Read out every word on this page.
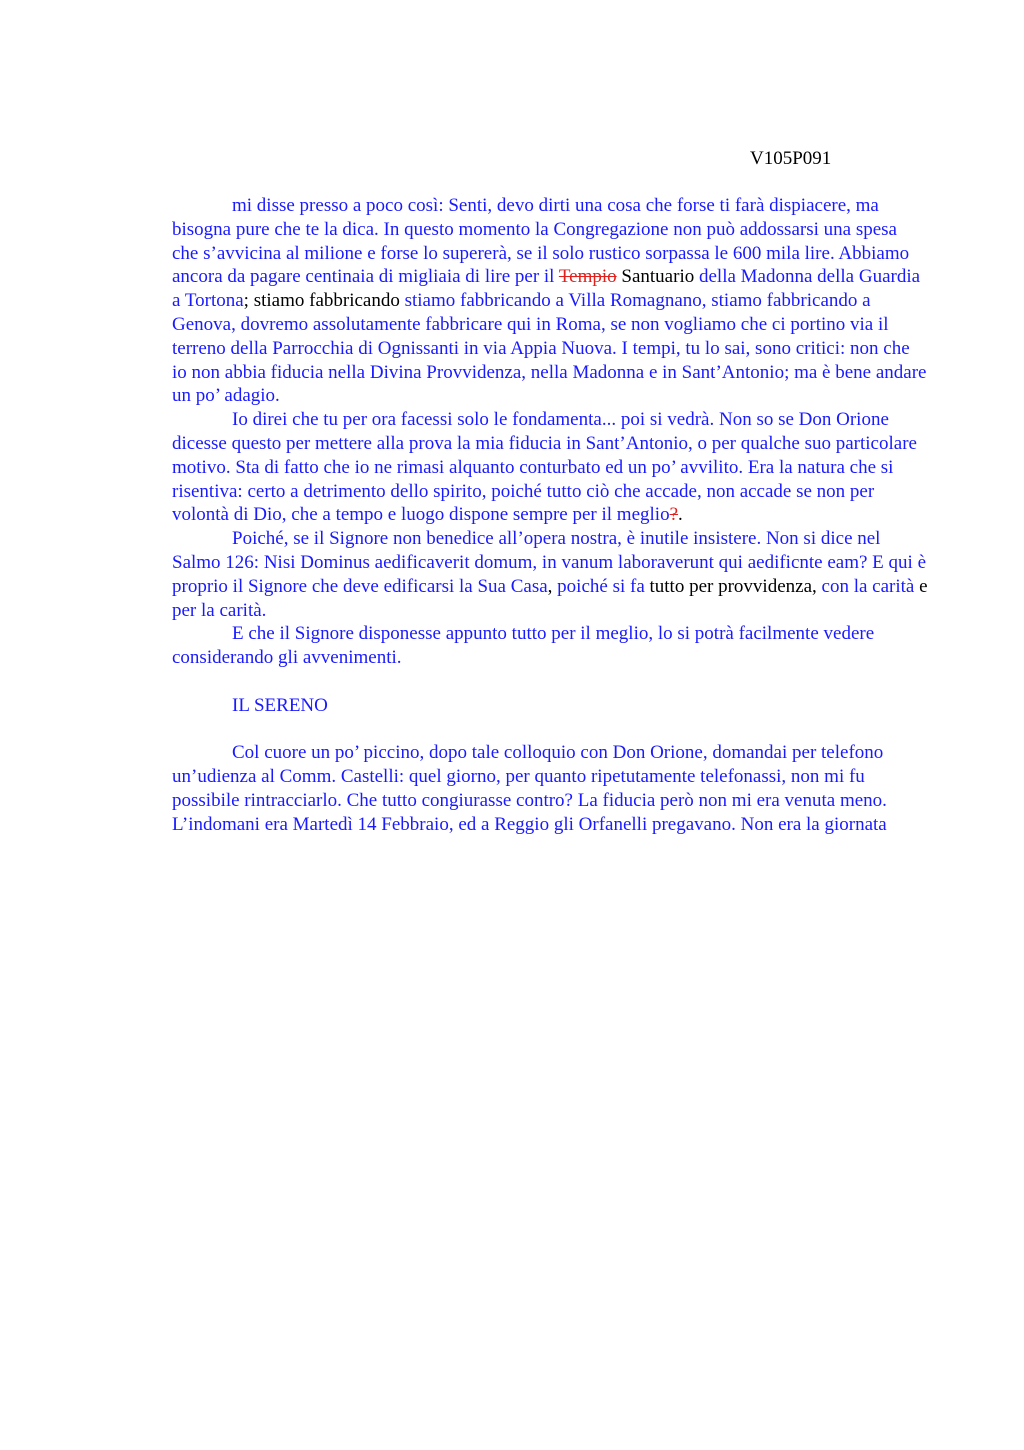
V105P091

mi disse presso a poco così: Senti, devo dirti una cosa che forse ti farà dispiacere, ma bisogna pure che te la dica. In questo momento la Congregazione non può addossarsi una spesa che s’avvicina al milione e forse lo supererà, se il solo rustico sorpassa le 600 mila lire. Abbiamo ancora da pagare centinaia di migliaia di lire per il Tempio Santuario della Madonna della Guardia a Tortona; stiamo fabbricando stiamo fabbricando a Villa Romagnano, stiamo fabbricando a Genova, dovremo assolutamente fabbricare qui in Roma, se non vogliamo che ci portino via il terreno della Parrocchia di Ognissanti in via Appia Nuova. I tempi, tu lo sai, sono critici: non che io non abbia fiducia nella Divina Provvidenza, nella Madonna e in Sant’Antonio; ma è bene andare un po’ adagio.

Io direi che tu per ora facessi solo le fondamenta... poi si vedrà. Non so se Don Orione dicesse questo per mettere alla prova la mia fiducia in Sant’Antonio, o per qualche suo particolare motivo. Sta di fatto che io ne rimasi alquanto conturbato ed un po’ avvilito. Era la natura che si risentiva: certo a detrimento dello spirito, poiché tutto ciò che accade, non accade se non per volontà di Dio, che a tempo e luogo dispone sempre per il meglio?.

Poiché, se il Signore non benedice all’opera nostra, è inutile insistere. Non si dice nel Salmo 126: Nisi Dominus aedificaverit domum, in vanum laboraverunt qui aedificnte eam? E qui è proprio il Signore che deve edificarsi la Sua Casa, poiché si fa tutto per provvidenza, con la carità e per la carità.

E che il Signore disponesse appunto tutto per il meglio, lo si potrà facilmente vedere considerando gli avvenimenti.

IL SERENO

Col cuore un po’ piccino, dopo tale colloquio con Don Orione, domandai per telefono un’udienza al Comm. Castelli: quel giorno, per quanto ripetutamente telefonassi, non mi fu possibile rintracciarlo. Che tutto congiurasse contro? La fiducia però non mi era venuta meno. L’indomani era Martedì 14 Febbraio, ed a Reggio gli Orfanelli pregavano. Non era la giornata
